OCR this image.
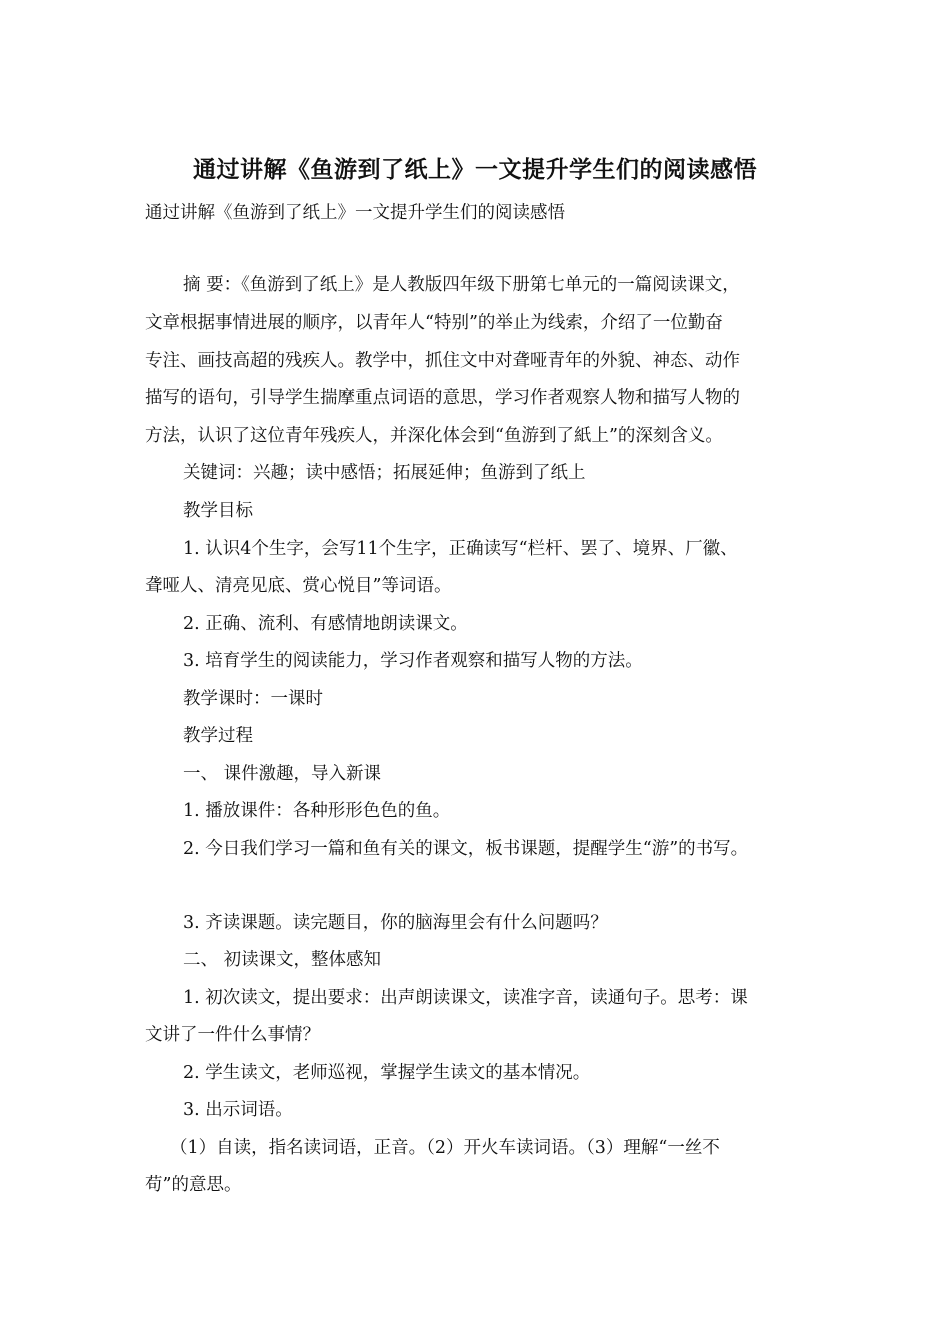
通过讲解《鱼游到了纸上》一文提升学生们的阅读感悟
通过讲解《鱼游到了纸上》一文提升学生们的阅读感悟
摘 要：《鱼游到了纸上》是人教版四年级下册第七单元的一篇阅读课文，
文章根据事情进展的顺序，以青年人“特别”的举止为线索，介绍了一位勤奋
专注、画技高超的残疾人。教学中，抓住文中对聋哑青年的外貌、神态、动作
描写的语句，引导学生揣摩重点词语的意思，学习作者观察人物和描写人物的
方法，认识了这位青年残疾人，并深化体会到“鱼游到了紙上”的深刻含义。
关键词：兴趣；读中感悟；拓展延伸；鱼游到了纸上
教学目标
1. 认识4个生字，会写11个生字，正确读写“栏杆、罢了、境界、厂徽、
聋哑人、清亮见底、赏心悦目”等词语。
2. 正确、流利、有感情地朗读课文。
3. 培育学生的阅读能力，学习作者观察和描写人物的方法。
教学课时：一课时
教学过程
一、 课件激趣，导入新课
1. 播放课件：各种形形色色的鱼。
2. 今日我们学习一篇和鱼有关的课文，板书课题，提醒学生“游”的书写。
3. 齐读课题。读完题目，你的脑海里会有什么问题吗？
二、 初读课文，整体感知
1. 初次读文，提出要求：出声朗读课文，读准字音，读通句子。思考：课
文讲了一件什么事情？
2. 学生读文，老师巡视，掌握学生读文的基本情况。
3. 出示词语。
（1）自读，指名读词语，正音。（2）开火车读词语。（3）理解“一丝不
苟”的意思。
